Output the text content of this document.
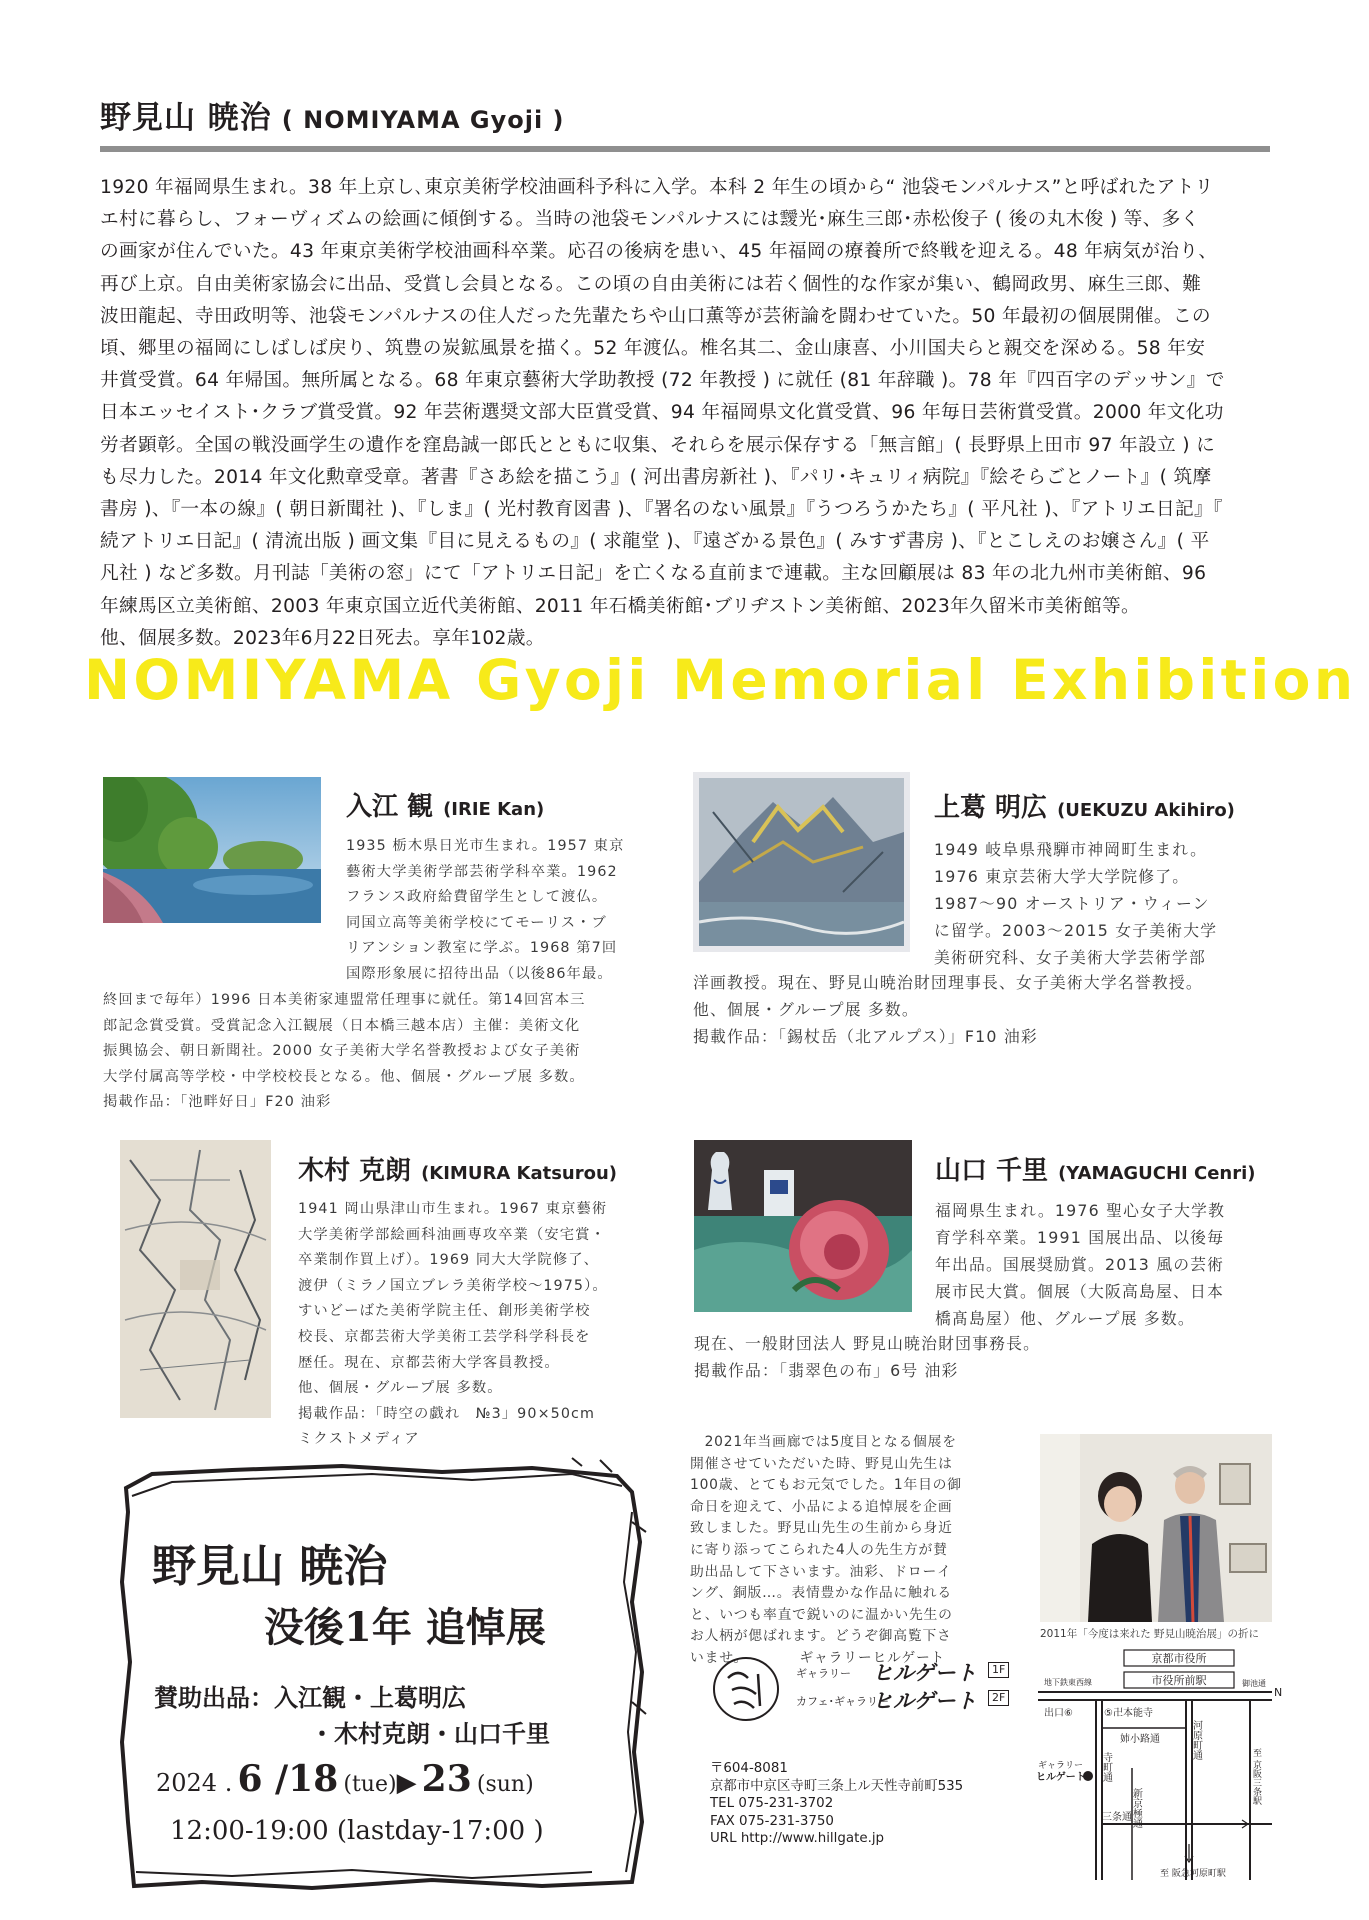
野見山 暁治 ( NOMIYAMA Gyoji )

1920 年福岡県生まれ。38 年上京し､東京美術学校油画科予科に入学。本科 2 年生の頃から“ 池袋モンパルナス”と呼ばれたアトリ

エ村に暮らし、フォーヴィズムの絵画に傾倒する。当時の池袋モンパルナスには靉光･麻生三郎･赤松俊子 ( 後の丸木俊 ) 等、多く

の画家が住んでいた。43 年東京美術学校油画科卒業。応召の後病を患い、45 年福岡の療養所で終戦を迎える。48 年病気が治り、

再び上京。自由美術家協会に出品、受賞し会員となる。この頃の自由美術には若く個性的な作家が集い、鶴岡政男、麻生三郎、難

波田龍起、寺田政明等、池袋モンパルナスの住人だった先輩たちや山口薫等が芸術論を闘わせていた。50 年最初の個展開催。この

頃、郷里の福岡にしばしば戻り、筑豊の炭鉱風景を描く。52 年渡仏。椎名其二、金山康喜、小川国夫らと親交を深める。58 年安

井賞受賞。64 年帰国。無所属となる。68 年東京藝術大学助教授 (72 年教授 ) に就任 (81 年辞職 )。78 年『四百字のデッサン』で

日本エッセイスト･クラブ賞受賞。92 年芸術選奨文部大臣賞受賞、94 年福岡県文化賞受賞、96 年毎日芸術賞受賞。2000 年文化功

労者顕彰。全国の戦没画学生の遺作を窪島誠一郎氏とともに収集、それらを展示保存する「無言館」( 長野県上田市 97 年設立 ) に

も尽力した。2014 年文化勲章受章。著書『さあ絵を描こう』( 河出書房新社 )､『パリ･キュリィ病院』『絵そらごとノート』( 筑摩

書房 )、『一本の線』( 朝日新聞社 )、『しま』( 光村教育図書 )、『署名のない風景』『うつろうかたち』( 平凡社 )、『アトリエ日記』『

続アトリエ日記』( 清流出版 ) 画文集『目に見えるもの』( 求龍堂 )、『遠ざかる景色』( みすず書房 )、『とこしえのお嬢さん』( 平

凡社 ) など多数。月刊誌「美術の窓」にて「アトリエ日記」を亡くなる直前まで連載。主な回顧展は 83 年の北九州市美術館、96

年練馬区立美術館、2003 年東京国立近代美術館、2011 年石橋美術館･ブリヂストン美術館、2023年久留米市美術館等。

他、個展多数。2023年6月22日死去。享年102歳。

NOMIYAMA Gyoji Memorial Exhibition
入江 観 (IRIE Kan)

1935 栃木県日光市生まれ。1957 東京
藝術大学美術学部芸術学科卒業。1962
フランス政府給費留学生として渡仏。
同国立高等美術学校にてモーリス・ブ
リアンション教室に学ぶ。1968 第7回
国際形象展に招待出品（以後86年最。

終回まで毎年）1996 日本美術家連盟常任理事に就任。第14回宮本三
郎記念賞受賞。受賞記念入江観展（日本橋三越本店）主催：美術文化
振興協会、朝日新聞社。2000 女子美術大学名誉教授および女子美術
大学付属高等学校・中学校校長となる。他、個展・グループ展 多数。
掲載作品：「池畔好日」F20 油彩

上葛 明広 (UEKUZU Akihiro)

1949 岐阜県飛騨市神岡町生まれ。
1976 東京芸術大学大学院修了。
1987～90 オーストリア・ウィーン
に留学。2003～2015 女子美術大学
美術研究科、女子美術大学芸術学部

洋画教授。現在、野見山暁治財団理事長、女子美術大学名誉教授。
他、個展・グループ展 多数。
掲載作品：「錫杖岳（北アルプス）」F10 油彩

木村 克朗 (KIMURA Katsurou)

1941 岡山県津山市生まれ。1967 東京藝術
大学美術学部絵画科油画専攻卒業（安宅賞・
卒業制作買上げ）。1969 同大大学院修了、
渡伊（ミラノ国立ブレラ美術学校～1975）。
すいどーばた美術学院主任、創形美術学校
校長、京都芸術大学美術工芸学科学科長を
歴任。現在、京都芸術大学客員教授。
他、個展・グループ展 多数。
掲載作品：「時空の戯れ　№3」90×50cm
ミクストメディア

山口 千里 (YAMAGUCHI Cenri)

福岡県生まれ。1976 聖心女子大学教
育学科卒業。1991 国展出品、以後毎
年出品。国展奨励賞。2013 風の芸術
展市民大賞。個展（大阪高島屋、日本
橋髙島屋）他、グループ展 多数。

現在、一般財団法人 野見山暁治財団事務長。
掲載作品：「翡翠色の布」6号 油彩

野見山 暁治
没後1年 追悼展
賛助出品：入江観・上葛明広
・木村克朗・山口千里
2024 . 6 /18 (tue)▶ 23 (sun)
12:00-19:00 (lastday-17:00 )
　2021年当画廊では5度目となる個展を
開催させていただいた時、野見山先生は
100歳、とてもお元気でした。1年目の御
命日を迎えて、小品による追悼展を企画
致しました。野見山先生の生前から身近
に寄り添ってこられた4人の先生方が賛
助出品して下さいます。油彩、ドローイ
ング、銅版…。表情豊かな作品に触れる
と、いつも率直で鋭いのに温かい先生の
お人柄が偲ばれます。どうぞ御高覧下さ
いませ。　　　　ギャラリーヒルゲート
2011年「今度は来れた 野見山暁治展」の折に
ギャラリー ヒルゲート	1F
カフェ･ギャラリー
ヒルゲート	2F
〒604-8081
京都市中京区寺町三条上ル天性寺前町535
TEL 075-231-3702
FAX 075-231-3750
URL http://www.hillgate.jp
京都市役所
市役所前駅
地下鉄東西線	御池通
N
出口⑥	⑤卍本能寺
姉小路通	河原町通
寺町通
新京極通
ギャラリー
ヒルゲート
三条通
至 京阪三条駅
至 阪急河原町駅
